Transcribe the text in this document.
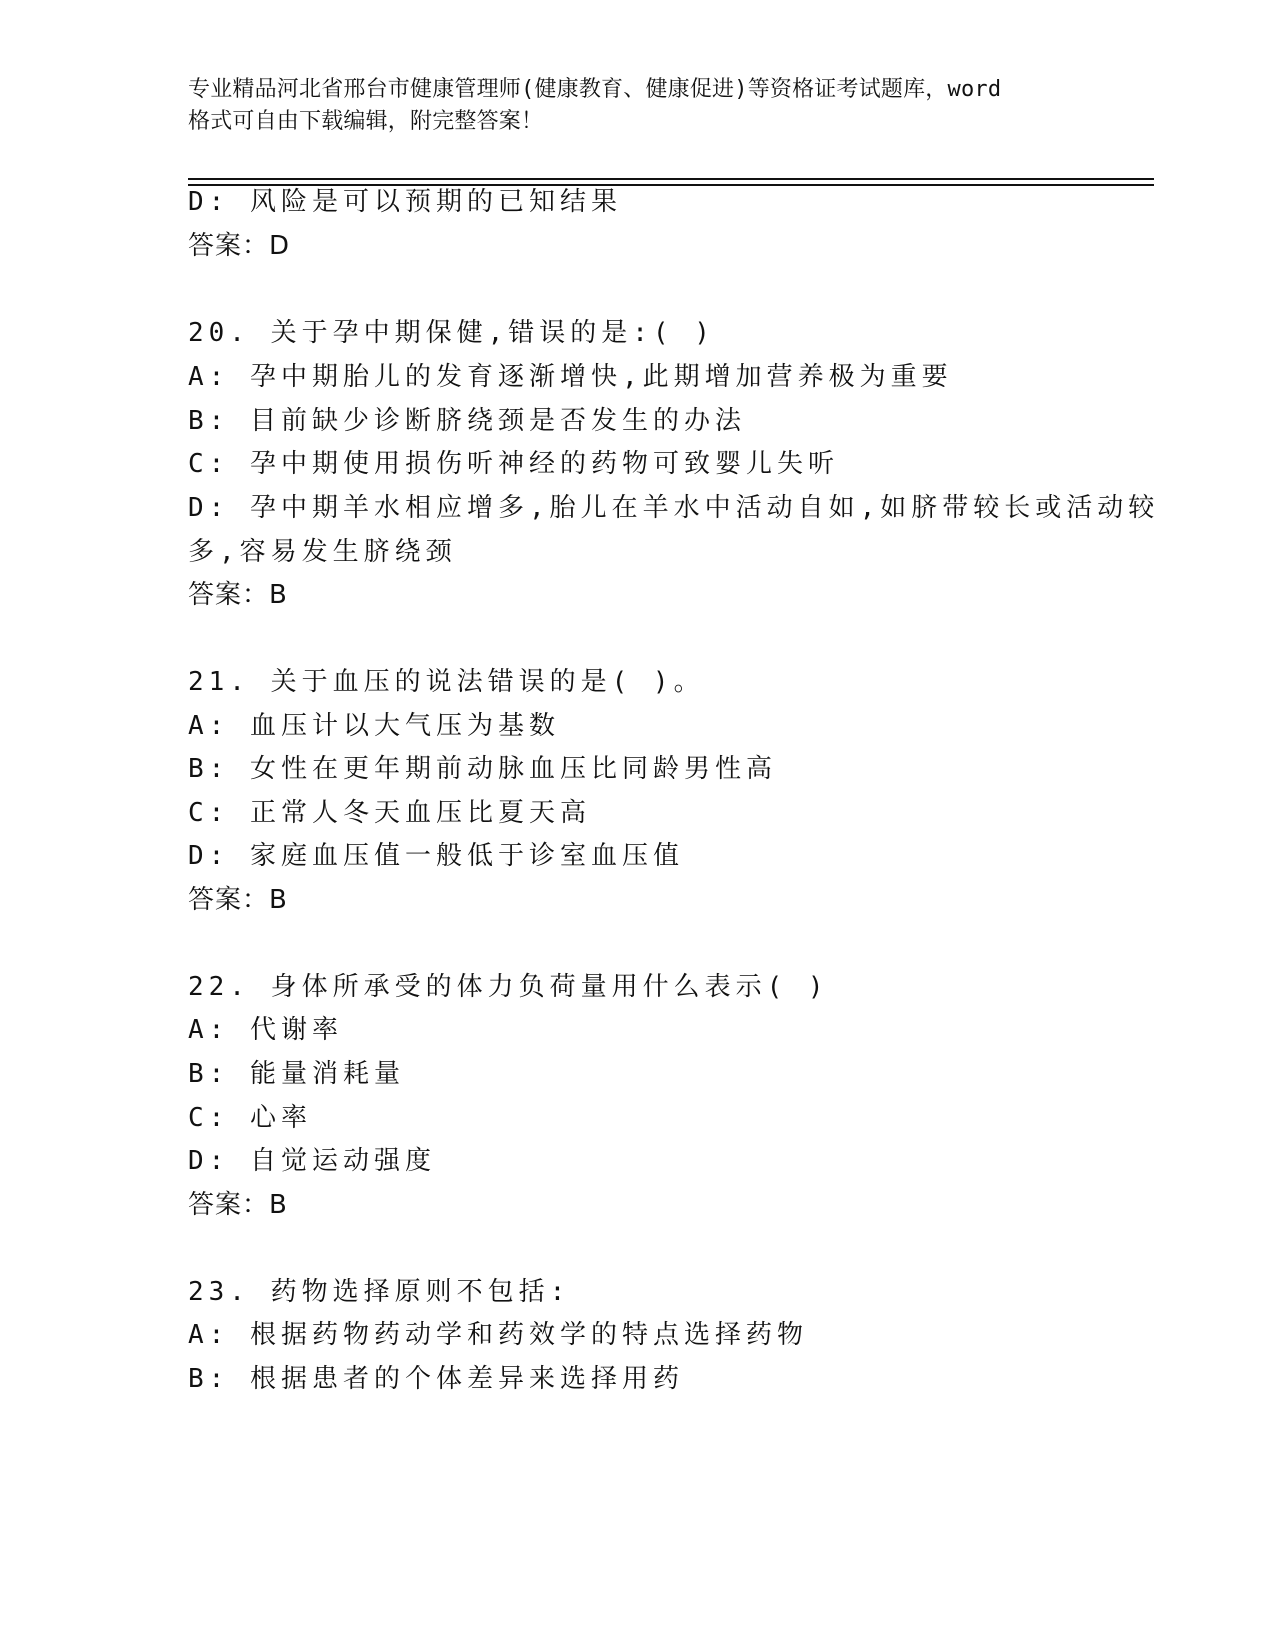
专业精品河北省邢台市健康管理师(健康教育、健康促进)等资格证考试题库，word
格式可自由下载编辑，附完整答案！
D: 风险是可以预期的已知结果
答案：D
20. 关于孕中期保健,错误的是:( )
A: 孕中期胎儿的发育逐渐增快,此期增加营养极为重要
B: 目前缺少诊断脐绕颈是否发生的办法
C: 孕中期使用损伤听神经的药物可致婴儿失听
D: 孕中期羊水相应增多,胎儿在羊水中活动自如,如脐带较长或活动较
多,容易发生脐绕颈
答案：B
21. 关于血压的说法错误的是( )。
A: 血压计以大气压为基数
B: 女性在更年期前动脉血压比同龄男性高
C: 正常人冬天血压比夏天高
D: 家庭血压值一般低于诊室血压值
答案：B
22. 身体所承受的体力负荷量用什么表示( )
A: 代谢率
B: 能量消耗量
C: 心率
D: 自觉运动强度
答案：B
23. 药物选择原则不包括:
A: 根据药物药动学和药效学的特点选择药物
B: 根据患者的个体差异来选择用药
